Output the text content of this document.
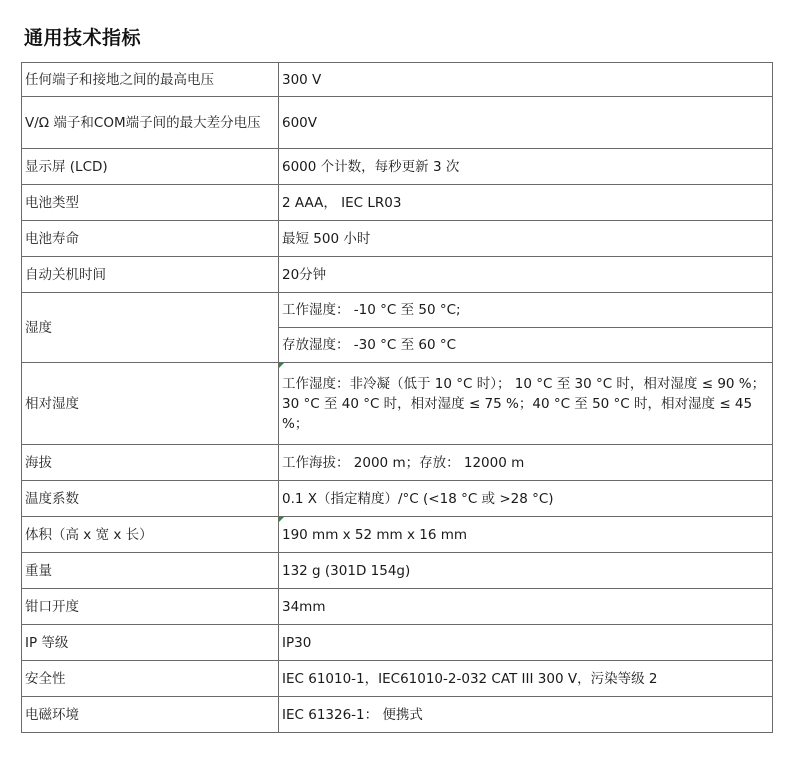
通用技术指标
任何端子和接地之间的最高电压	300 V
V/Ω 端子和COM端子间的最大差分电压	600V
显示屏 (LCD)	6000 个计数，每秒更新 3 次
电池类型	2 AAA， IEC LR03
电池寿命	最短 500 小时
自动关机时间	20分钟
湿度	工作湿度： -10 °C 至 50 °C;
	存放湿度： -30 °C 至 60 °C
相对湿度	工作湿度：非冷凝（低于 10 °C 时）； 10 °C 至 30 °C 时，相对湿度 ≤ 90 %；30 °C 至 40 °C 时，相对湿度 ≤ 75 %；40 °C 至 50 °C 时，相对湿度 ≤ 45 %；
海拔	工作海拔： 2000 m；存放： 12000 m
温度系数	0.1 X（指定精度）/°C (<18 °C 或 >28 °C)
体积（高 x 宽 x 长）	190 mm x 52 mm x 16 mm
重量	132 g (301D 154g)
钳口开度	34mm
IP 等级	IP30
安全性	IEC 61010-1，IEC61010-2-032 CAT III 300 V，污染等级 2
电磁环境	IEC 61326-1： 便携式
